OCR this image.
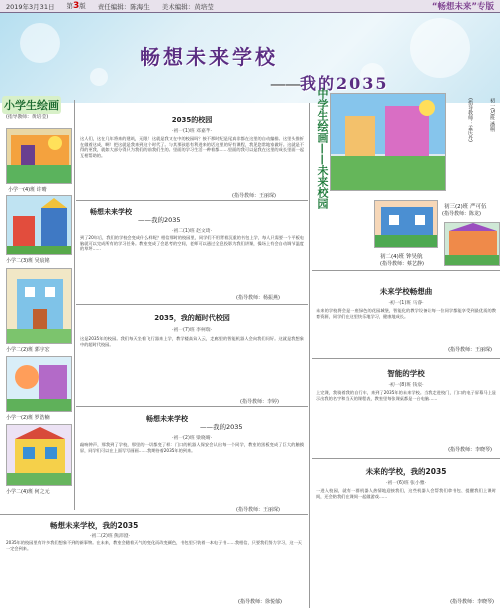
2019年3月31日 第3版 责任编辑：陈海生 美术编辑：黄培莹	“畅想未来”专版
畅想未来学校
——我的2035
小学生绘画
(指导教师：黄培莹)
小学一(4)班 许晴
小学二(3)班 吴宸铭
小学二(2)班 郭宇宏
小学一(2)班 罗浩楠
小学二(4)班 何之元
2035的校园
·初一(1)班 邓嘉芊·
这人们，这在几年将来的建筑，无限！这就是我又在中的校园吗？接不那时纪是尾真非都在这里的自动编排。这里头推折在做着这成，啊！把这就是我来到这个时代了。与其那孩思有利进来的话这里的好有课程，我见您常地家做好。这就是不得的更我，就如大部分得只为我们的前我们生的。里面的学习生活一种着都……里面的我可以是我在这里的成长里面一起互相帮助的。
(指导教师：王丽琛)
畅想未来学校
——我的2035
·初二(1)班 赵文琦·
到了20年后，我们的学校会变成什么样呢？相信那时的校园里，同学们不用背着沉重的书包上学，每人只需要一个平板电脑就可以完成所有的学习任务。教室变成了会思考的空间，老师可以通过全息投影为我们讲课，操场上有会自动调节温度的草坪……
(指导教师：杨振燕)
2035，我的超时代校园
·初一(7)班 李柯瑞·
这是2035年的校园。我们每天坐着飞行器来上学，教学楼高耸入云，走廊里的智能机器人会向我们问好。这就是我想象中的超时代校园。
(指导教师：李婷)
畅想未来学校
——我的2035
·初一(2)班 梁晓晴·
敲响钟声，那我到了学校，那里的一切都变了样：门口的机器人保安会认出每一个同学，教室的黑板变成了巨大的触摸屏，同学们可以在上面写写画画……我期待着2035年的到来。
(指导教师：王丽琛)
畅想未来学校，我的2035
·初二(2)班 熊沛澄·
2035年的校园里有许多我们想象不到的新事物。在未来，教室会随着天气的变化而改变颜色，书包里只装着一本电子书……我相信，只要我们努力学习，这一天一定会到来。
(指导教师：徐悦郁)
中学生绘画——未来校园	(指导教师：孟庆丹)	初一(5)班 潘栩
初三(2)班 严可伍
(指导教师：陈龙)
初二(4)班 钟昊航
(指导教师：蔡艺静)
未来学校畅想曲
·初一(1)班 马睿·
未来的学校将会是一座绿色的花园城堡，智能化的教学设备让每一位同学都能享受到最优质的教育资源，同学们在这里快乐地学习，健康地成长。
(指导教师：王丽琛)
智能的学校
·初一(8)班 钱宸·
上完课，我骑着我的自行车，来到了2035年的未来学校。当我走进校门，门口的电子屏幕马上显示出我的名字和当天的课程表，教室里每张课桌都是一台电脑……
(指导教师：李晓琴)
未来的学校，我的2035
·初一(6)班 张小雅·
一进入校园，就有一群机器人热情地迎接我们，这些机器人会帮我们拿书包、提醒我们上课时间，还会陪我们在课间一起做游戏……
(指导教师：李晓琴)
